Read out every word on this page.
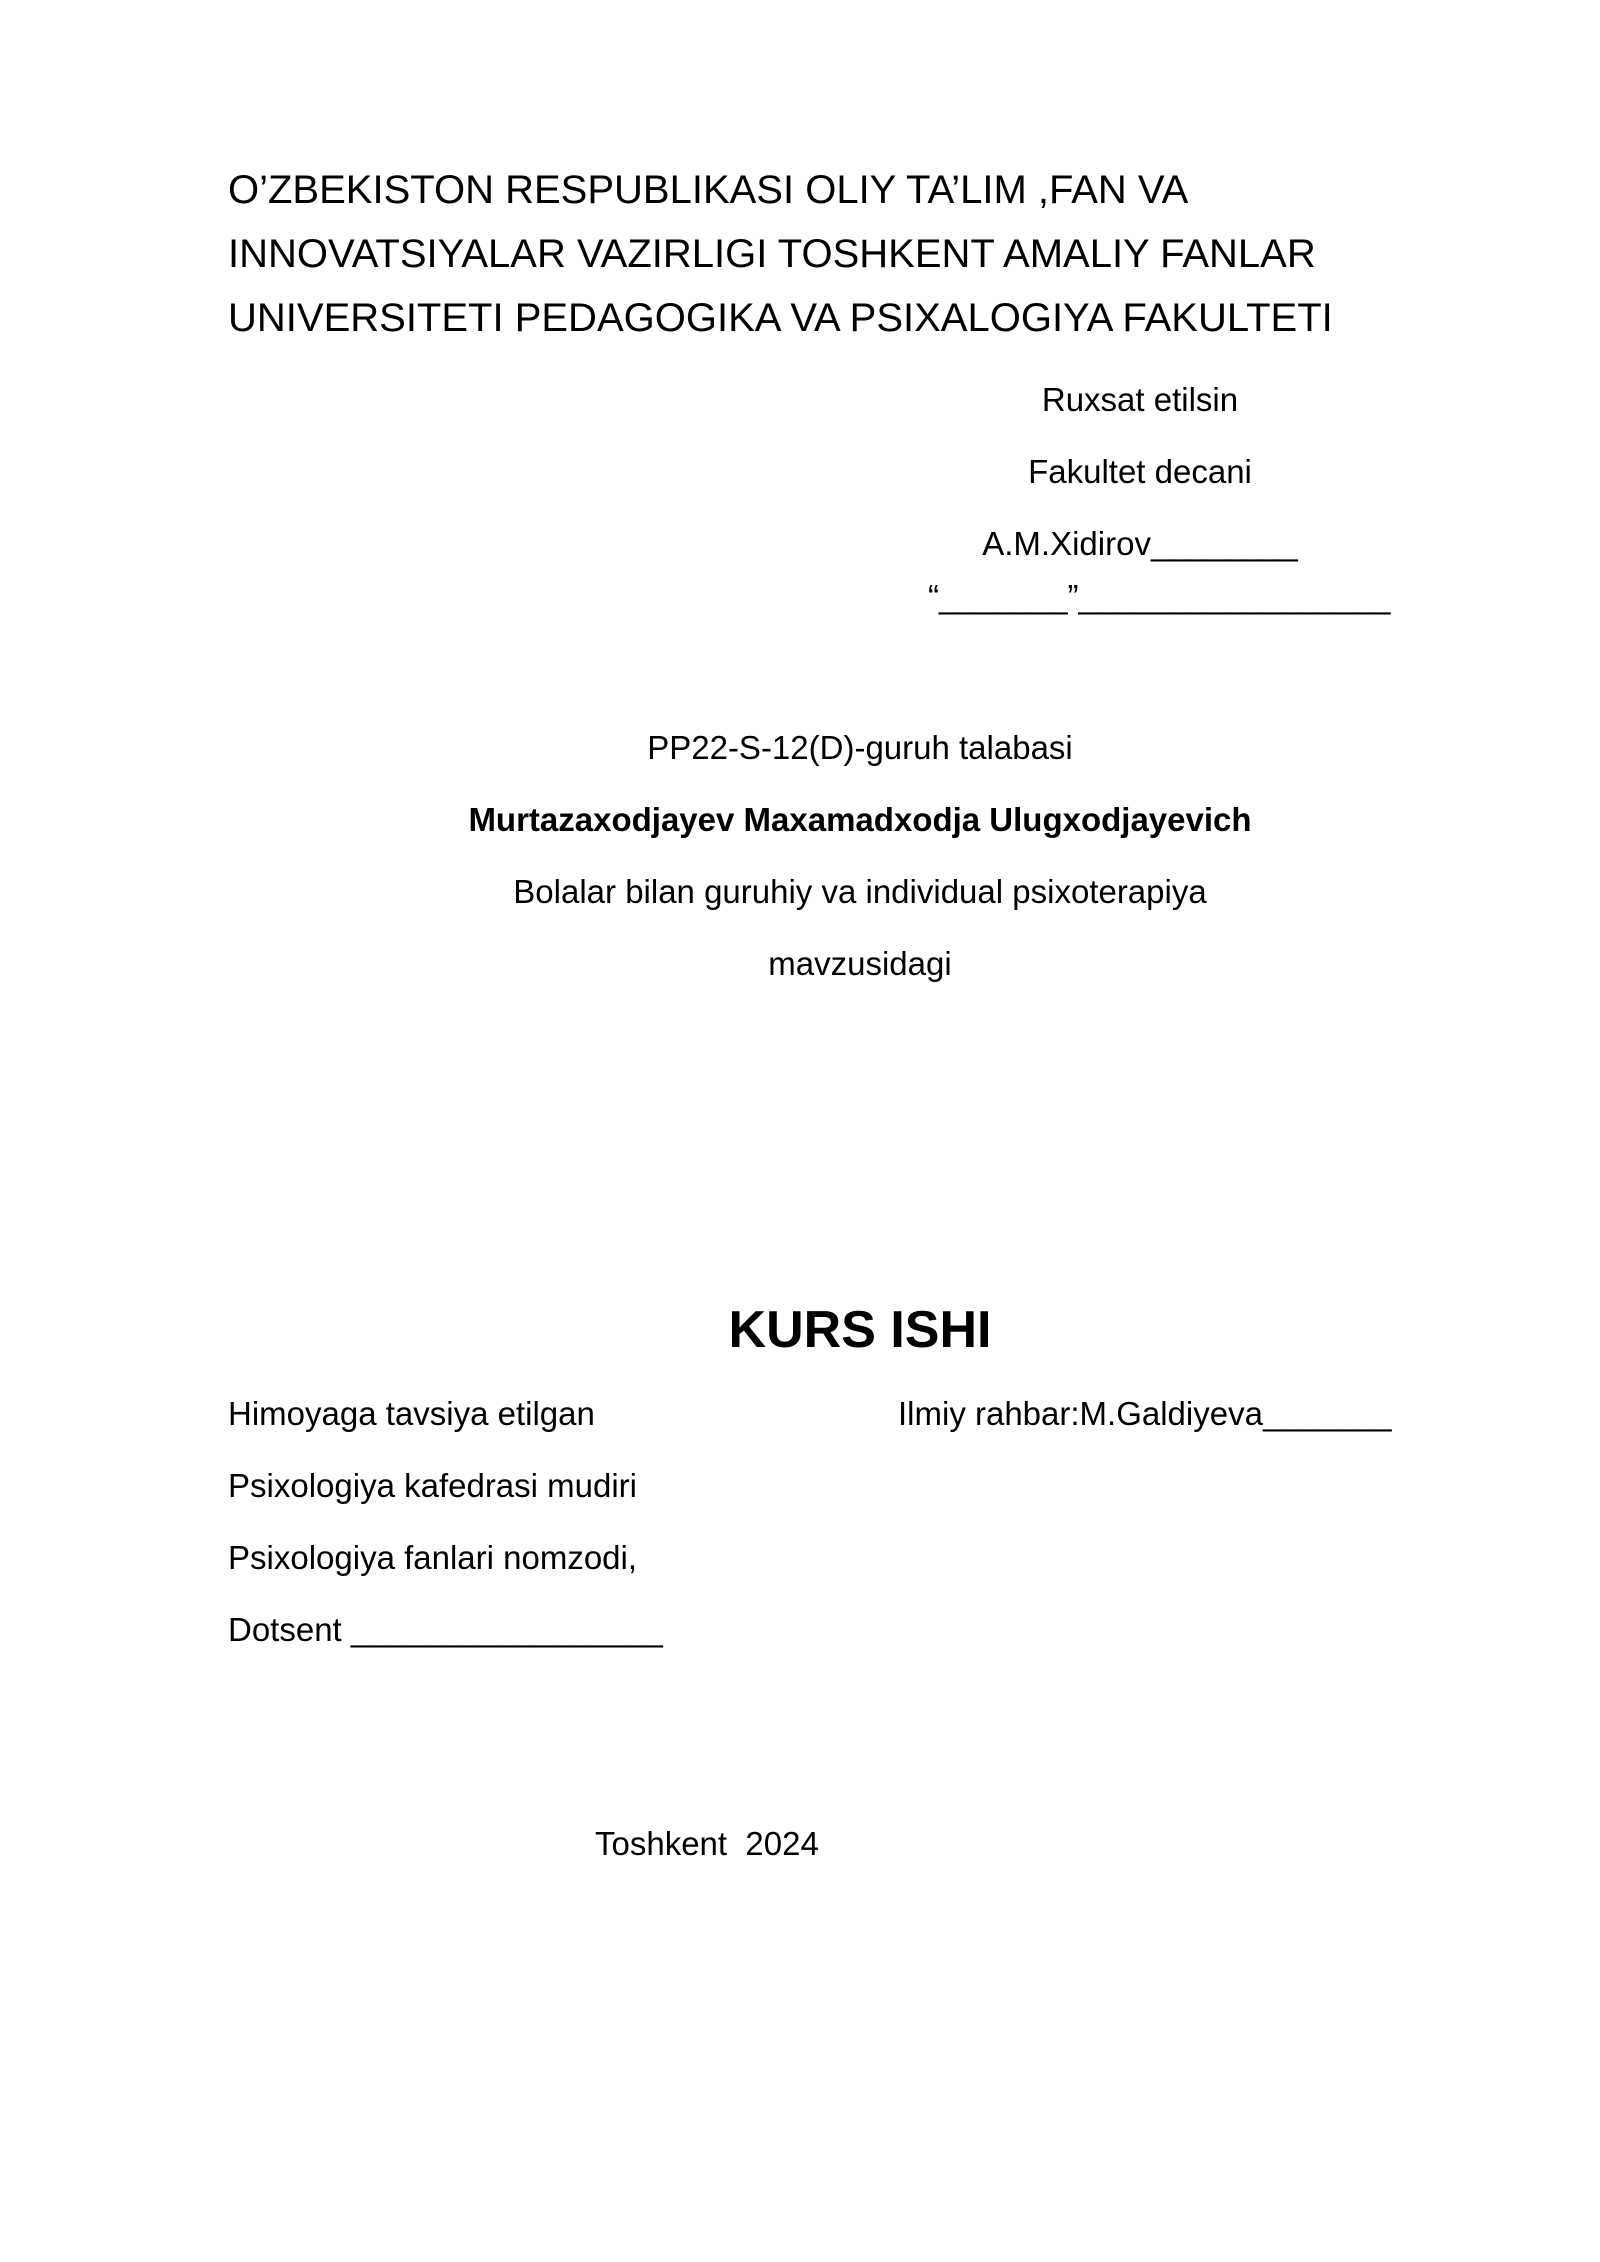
O’ZBEKISTON RESPUBLIKASI OLIY TA’LIM ,FAN VA
INNOVATSIYALAR VAZIRLIGI TOSHKENT AMALIY FANLAR
UNIVERSITETI PEDAGOGIKA VA PSIXALOGIYA FAKULTETI
Ruxsat etilsin
Fakultet decani
A.M.Xidirov________
“_______”_________________
PP22-S-12(D)-guruh talabasi
Murtazaxodjayev Maxamadxodja Ulugxodjayevich
Bolalar bilan guruhiy va individual psixoterapiya
mavzusidagi
KURS ISHI
Himoyaga tavsiya etilgan
Psixologiya kafedrasi mudiri
Psixologiya fanlari nomzodi,
Dotsent _________________
Ilmiy rahbar:M.Galdiyeva_______
Toshkent  2024
